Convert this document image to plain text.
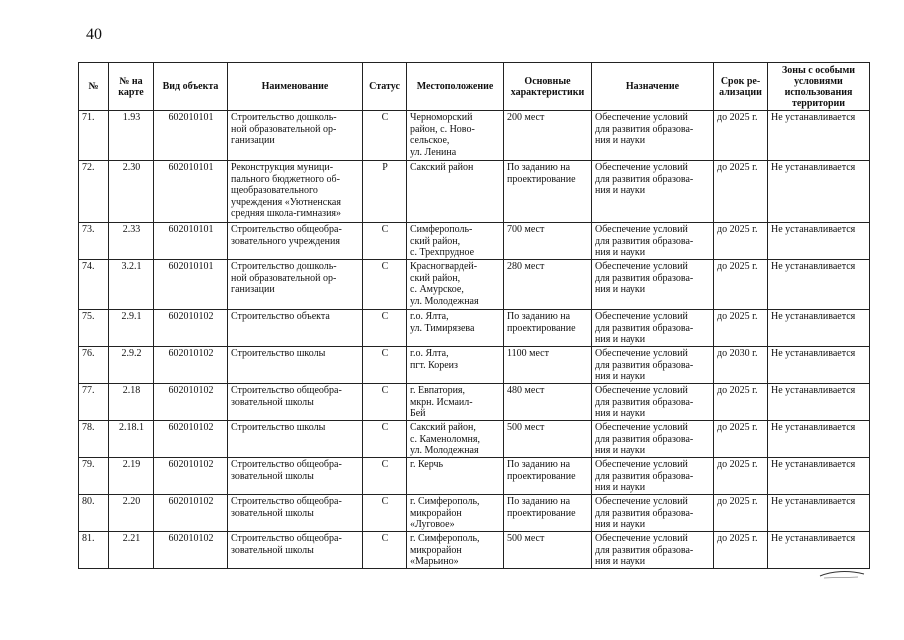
40
№	№ на карте	Вид объекта	Наименование	Статус	Местоположение	Основные характеристики	Назначение	Срок ре- ализации	Зоны с особыми условиями использования территории
71.	1.93	602010101	Строительство дошколь-
ной образовательной ор-
ганизации	С	Черноморский
район, с. Ново-
сельское,
ул. Ленина	200 мест	Обеспечение условий
для развития образова-
ния и науки	до 2025 г.	Не устанавливается
72.	2.30	602010101	Реконструкция муници-
пального бюджетного об-
щеобразовательного
учреждения «Уютненская
средняя школа-гимназия»	Р	Сакский район	По заданию на
проектирование	Обеспечение условий
для развития образова-
ния и науки	до 2025 г.	Не устанавливается
73.	2.33	602010101	Строительство общеобра-
зовательного учреждения	С	Симферополь-
ский район,
с. Трехпрудное	700 мест	Обеспечение условий
для развития образова-
ния и науки	до 2025 г.	Не устанавливается
74.	3.2.1	602010101	Строительство дошколь-
ной образовательной ор-
ганизации	С	Красногвардей-
ский район,
с. Амурское,
ул. Молодежная	280 мест	Обеспечение условий
для развития образова-
ния и науки	до 2025 г.	Не устанавливается
75.	2.9.1	602010102	Строительство объекта	С	г.о. Ялта,
ул. Тимирязева	По заданию на
проектирование	Обеспечение условий
для развития образова-
ния и науки	до 2025 г.	Не устанавливается
76.	2.9.2	602010102	Строительство школы	С	г.о. Ялта,
пгт. Кореиз	1100 мест	Обеспечение условий
для развития образова-
ния и науки	до 2030 г.	Не устанавливается
77.	2.18	602010102	Строительство общеобра-
зовательной школы	С	г. Евпатория,
мкрн. Исмаил-
Бей	480 мест	Обеспечение условий
для развития образова-
ния и науки	до 2025 г.	Не устанавливается
78.	2.18.1	602010102	Строительство школы	С	Сакский район,
с. Каменоломня,
ул. Молодежная	500 мест	Обеспечение условий
для развития образова-
ния и науки	до 2025 г.	Не устанавливается
79.	2.19	602010102	Строительство общеобра-
зовательной школы	С	г. Керчь	По заданию на
проектирование	Обеспечение условий
для развития образова-
ния и науки	до 2025 г.	Не устанавливается
80.	2.20	602010102	Строительство общеобра-
зовательной школы	С	г. Симферополь,
микрорайон
«Луговое»	По заданию на
проектирование	Обеспечение условий
для развития образова-
ния и науки	до 2025 г.	Не устанавливается
81.	2.21	602010102	Строительство общеобра-
зовательной школы	С	г. Симферополь,
микрорайон
«Марьино»	500 мест	Обеспечение условий
для развития образова-
ния и науки	до 2025 г.	Не устанавливается
